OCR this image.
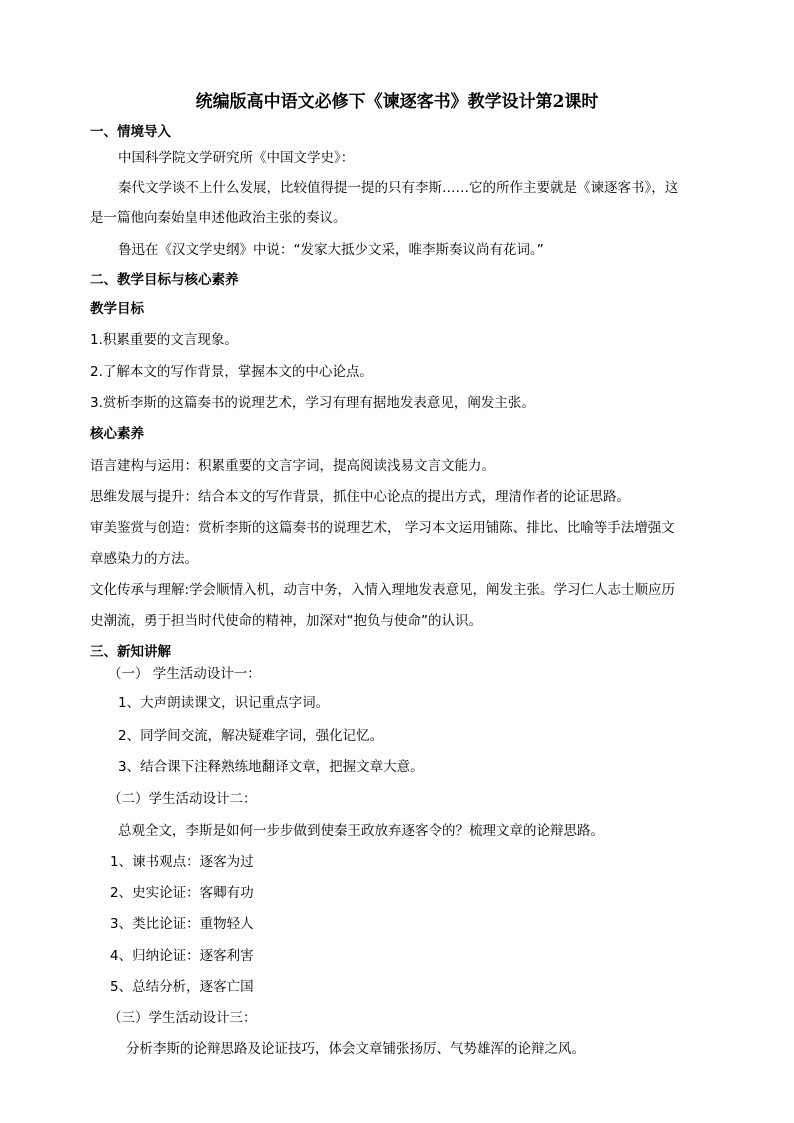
统编版高中语文必修下《谏逐客书》教学设计第2课时
一、情境导入
中国科学院文学研究所《中国文学史》：
秦代文学谈不上什么发展，比较值得提一提的只有李斯……它的所作主要就是《谏逐客书》，这
是一篇他向秦始皇申述他政治主张的奏议。
鲁迅在《汉文学史纲》中说：“发家大抵少文采，唯李斯奏议尚有花词。”
二、教学目标与核心素养
教学目标
1.积累重要的文言现象。
2.了解本文的写作背景，掌握本文的中心论点。
3.赏析李斯的这篇奏书的说理艺术，学习有理有据地发表意见，阐发主张。
核心素养
语言建构与运用：积累重要的文言字词，提高阅读浅易文言文能力。
思维发展与提升：结合本文的写作背景，抓住中心论点的提出方式，理清作者的论证思路。
审美鉴赏与创造：赏析李斯的这篇奏书的说理艺术， 学习本文运用铺陈、排比、比喻等手法增强文
章感染力的方法。
文化传承与理解:学会顺情入机，动言中务，入情入理地发表意见，阐发主张。学习仁人志士顺应历
史潮流，勇于担当时代使命的精神，加深对“抱负与使命”的认识。
三、新知讲解
（一） 学生活动设计一：
1、大声朗读课文，识记重点字词。
2、同学间交流，解决疑难字词，强化记忆。
3、结合课下注释熟练地翻译文章，把握文章大意。
（二）学生活动设计二：
总观全文，李斯是如何一步步做到使秦王政放弃逐客令的？梳理文章的论辩思路。
1、谏书观点：逐客为过
2、史实论证：客卿有功
3、类比论证：重物轻人
4、归纳论证：逐客利害
5、总结分析，逐客亡国
（三）学生活动设计三：
分析李斯的论辩思路及论证技巧，体会文章铺张扬厉、气势雄浑的论辩之风。
